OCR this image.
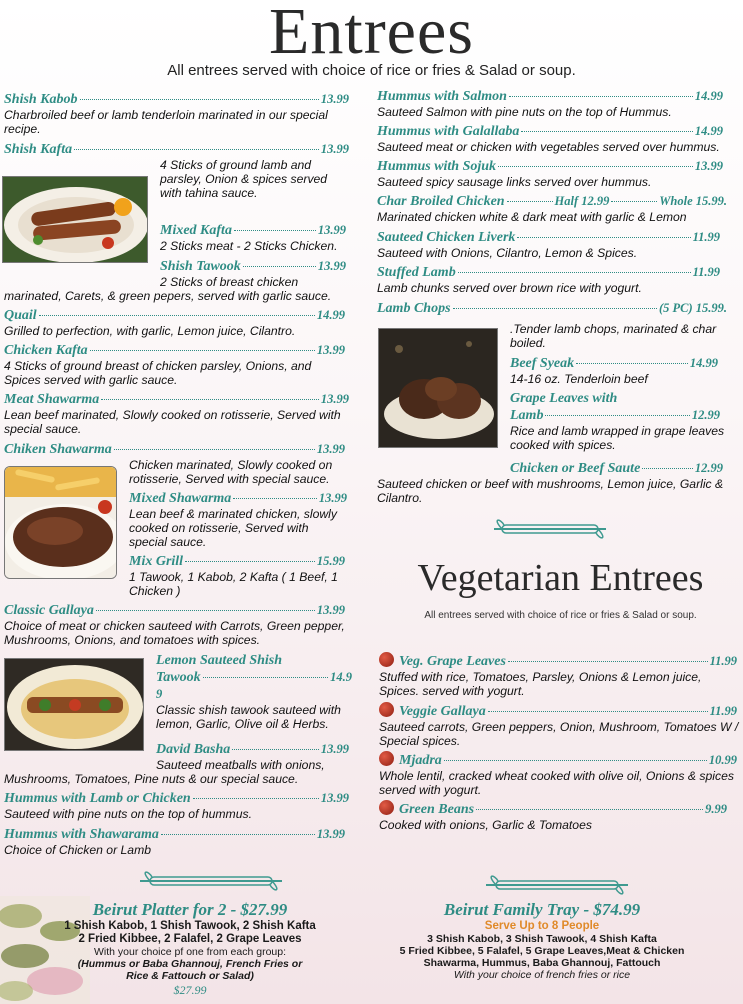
Entrees
All entrees served with choice of rice or fries & Salad or soup.
Shish Kabob	13.99
Charbroiled beef or lamb tenderloin marinated in our special recipe.
Shish Kafta	13.99
4 Sticks of ground lamb and parsley, Onion & spices served with tahina sauce.
Mixed Kafta	13.99
2 Sticks meat - 2 Sticks Chicken.
Shish Tawook	13.99
2 Sticks of breast chicken
marinated, Carets, & green pepers, served with garlic sauce.
Quail	14.99
Grilled to perfection, with garlic, Lemon juice, Cilantro.
Chicken Kafta	13.99
4 Sticks of ground breast of chicken parsley, Onions, and Spices served with garlic sauce.
Meat Shawarma	13.99
Lean beef marinated, Slowly cooked on rotisserie, Served with special sauce.
Chiken Shawarma	13.99
Chicken marinated, Slowly cooked on rotisserie, Served with special sauce.
Mixed Shawarma	13.99
Lean beef & marinated chicken, slowly cooked on rotisserie, Served with special sauce.
Mix Grill	15.99
1 Tawook, 1 Kabob, 2 Kafta ( 1 Beef, 1 Chicken )
Classic Gallaya	13.99
Choice of meat or chicken sauteed with Carrots, Green pepper, Mushrooms, Onions, and tomatoes with spices.
Lemon Sauteed Shish
Tawook	14.9
9
Classic shish tawook sauteed with lemon, Garlic, Olive oil & Herbs.
David Basha	13.99
Sauteed meatballs with onions,
Mushrooms, Tomatoes, Pine nuts & our special sauce.
Hummus with Lamb or Chicken	13.99
Sauteed with pine nuts on the top of hummus.
Hummus with Shawarama	13.99
Choice of Chicken or Lamb
Hummus with Salmon	14.99
Sauteed Salmon with pine nuts on the top of Hummus.
Hummus with Galallaba	14.99
Sauteed meat or chicken with vegetables served over hummus.
Hummus with Sojuk	13.99
Sauteed spicy sausage links served over hummus.
Char Broiled Chicken	Half 12.99	Whole 15.99.
Marinated chicken white & dark meat with garlic & Lemon
Sauteed Chicken Liverk	11.99
Sauteed with Onions, Cilantro, Lemon & Spices.
Stuffed Lamb	11.99
Lamb chunks served over brown rice with yogurt.
Lamb Chops	(5 PC) 15.99.
.Tender lamb chops, marinated & char boiled.
Beef Syeak	14.99
14-16 oz. Tenderloin beef
Grape Leaves with
Lamb	12.99
Rice and lamb wrapped in grape leaves cooked with spices.
Chicken or Beef Saute	12.99
Sauteed chicken or beef with mushrooms, Lemon juice, Garlic & Cilantro.
Vegetarian Entrees
All entrees served with choice of rice or fries & Salad or soup.
Veg. Grape Leaves	11.99
Stuffed with rice, Tomatoes, Parsley, Onions & Lemon juice, Spices. served with yogurt.
Veggie Gallaya	11.99
Sauteed carrots, Green peppers, Onion, Mushroom, Tomatoes W / Special spices.
Mjadra	10.99
Whole lentil, cracked wheat cooked with olive oil, Onions & spices served with yogurt.
Green Beans	9.99
Cooked with onions, Garlic & Tomatoes
Beirut Platter for 2 - $27.99
1 Shish Kabob, 1 Shish Tawook, 2 Shish Kafta
2 Fried Kibbee, 2 Falafel, 2 Grape Leaves
With your choice pf one from each group:
(Hummus or Baba Ghannouj, French Fries or
Rice & Fattouch or Salad)
$27.99
Beirut Family Tray - $74.99
Serve Up to 8 People
3 Shish Kabob, 3 Shish Tawook, 4 Shish Kafta
5 Fried Kibbee, 5 Falafel, 5 Grape Leaves,Meat & Chicken
Shawarma, Hummus, Baba Ghannouj, Fattouch
With your choice of french fries or rice
